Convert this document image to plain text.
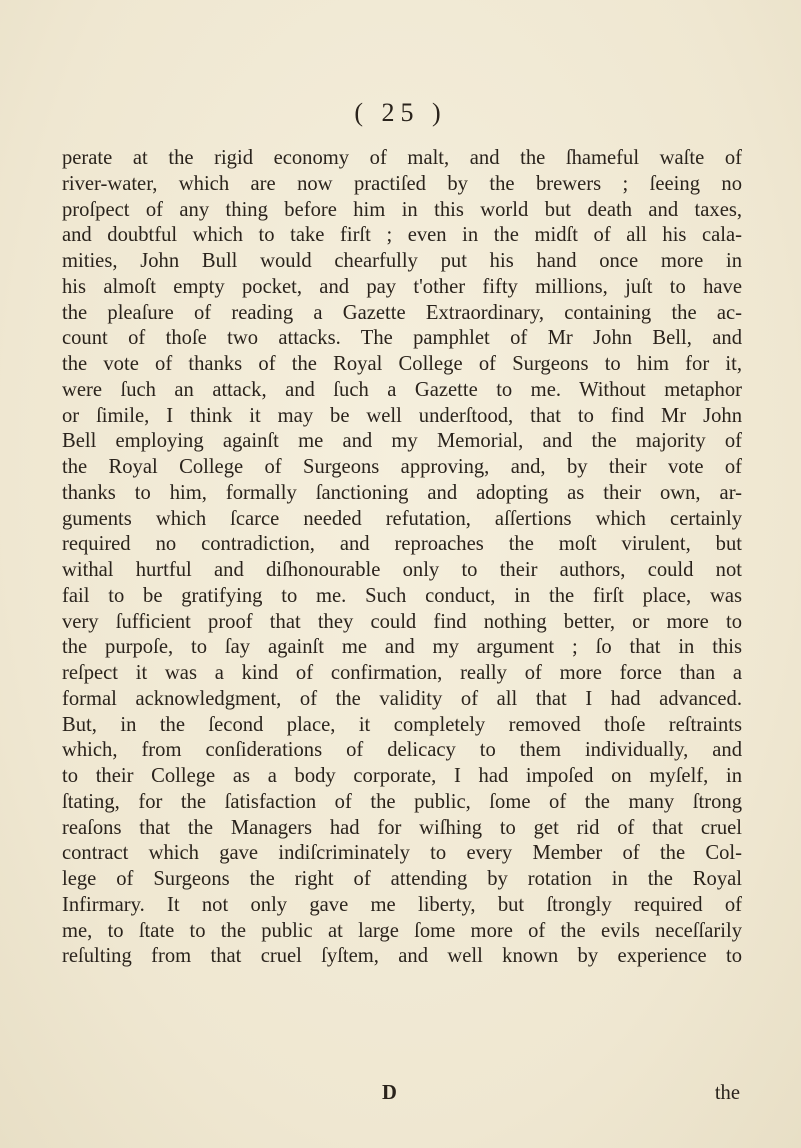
( 25 )
perate at the rigid economy of malt, and the ſhameful waſte of
river-water, which are now practiſed by the brewers ; ſeeing no
proſpect of any thing before him in this world but death and taxes,
and doubtful which to take firſt ; even in the midſt of all his cala-
mities, John Bull would chearfully put his hand once more in
his almoſt empty pocket, and pay t'other fifty millions, juſt to have
the pleaſure of reading a Gazette Extraordinary, containing the ac-
count of thoſe two attacks. The pamphlet of Mr John Bell, and
the vote of thanks of the Royal College of Surgeons to him for it,
were ſuch an attack, and ſuch a Gazette to me. Without metaphor
or ſimile, I think it may be well underſtood, that to find Mr John
Bell employing againſt me and my Memorial, and the majority of
the Royal College of Surgeons approving, and, by their vote of
thanks to him, formally ſanctioning and adopting as their own, ar-
guments which ſcarce needed refutation, aſſertions which certainly
required no contradiction, and reproaches the moſt virulent, but
withal hurtful and diſhonourable only to their authors, could not
fail to be gratifying to me. Such conduct, in the firſt place, was
very ſufficient proof that they could find nothing better, or more to
the purpoſe, to ſay againſt me and my argument ; ſo that in this
reſpect it was a kind of confirmation, really of more force than a
formal acknowledgment, of the validity of all that I had advanced.
But, in the ſecond place, it completely removed thoſe reſtraints
which, from conſiderations of delicacy to them individually, and
to their College as a body corporate, I had impoſed on myſelf, in
ſtating, for the ſatisfaction of the public, ſome of the many ſtrong
reaſons that the Managers had for wiſhing to get rid of that cruel
contract which gave indiſcriminately to every Member of the Col-
lege of Surgeons the right of attending by rotation in the Royal
Infirmary. It not only gave me liberty, but ſtrongly required of
me, to ſtate to the public at large ſome more of the evils neceſſarily
reſulting from that cruel ſyſtem, and well known by experience to
D	the
